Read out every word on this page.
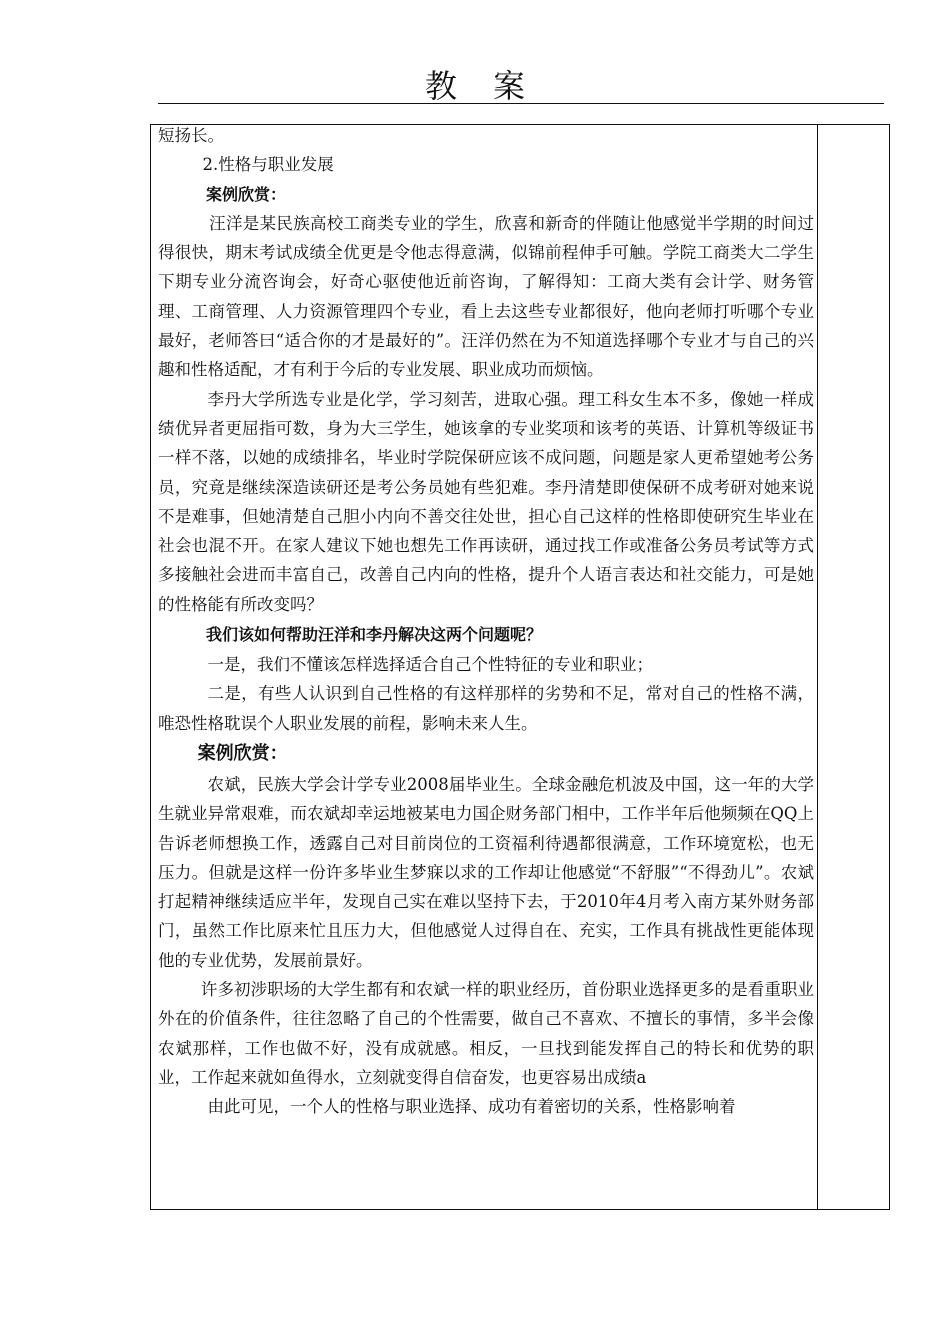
教案

短扬长。

2.性格与职业发展

案例欣赏：

汪洋是某民族高校工商类专业的学生，欣喜和新奇的伴随让他感觉半学期的时间过得很快，期末考试成绩全优更是令他志得意满，似锦前程伸手可触。学院工商类大二学生下期专业分流咨询会，好奇心驱使他近前咨询，了解得知：工商大类有会计学、财务管理、工商管理、人力资源管理四个专业，看上去这些专业都很好，他向老师打听哪个专业最好，老师答曰“适合你的才是最好的”。汪洋仍然在为不知道选择哪个专业才与自己的兴趣和性格适配，才有利于今后的专业发展、职业成功而烦恼。

李丹大学所选专业是化学，学习刻苦，进取心强。理工科女生本不多，像她一样成绩优异者更屈指可数，身为大三学生，她该拿的专业奖项和该考的英语、计算机等级证书一样不落，以她的成绩排名，毕业时学院保研应该不成问题，问题是家人更希望她考公务员，究竟是继续深造读研还是考公务员她有些犯难。李丹清楚即使保研不成考研对她来说不是难事，但她清楚自己胆小内向不善交往处世，担心自己这样的性格即使研究生毕业在社会也混不开。在家人建议下她也想先工作再读研，通过找工作或准备公务员考试等方式多接触社会进而丰富自己，改善自己内向的性格，提升个人语言表达和社交能力，可是她的性格能有所改变吗？

我们该如何帮助汪洋和李丹解决这两个问题呢？

一是，我们不懂该怎样选择适合自己个性特征的专业和职业；

二是，有些人认识到自己性格的有这样那样的劣势和不足，常对自己的性格不满，唯恐性格耽误个人职业发展的前程，影响未来人生。

案例欣赏：

农斌，民族大学会计学专业2008届毕业生。全球金融危机波及中国，这一年的大学生就业异常艰难，而农斌却幸运地被某电力国企财务部门相中，工作半年后他频频在QQ上告诉老师想换工作，透露自己对目前岗位的工资福利待遇都很满意，工作环境宽松，也无压力。但就是这样一份许多毕业生梦寐以求的工作却让他感觉“不舒服”“不得劲儿”。农斌打起精神继续适应半年，发现自己实在难以坚持下去，于2010年4月考入南方某外财务部门，虽然工作比原来忙且压力大，但他感觉人过得自在、充实，工作具有挑战性更能体现他的专业优势，发展前景好。

许多初涉职场的大学生都有和农斌一样的职业经历，首份职业选择更多的是看重职业外在的价值条件，往往忽略了自己的个性需要，做自己不喜欢、不擅长的事情，多半会像农斌那样，工作也做不好，没有成就感。相反，一旦找到能发挥自己的特长和优势的职业，工作起来就如鱼得水，立刻就变得自信奋发，也更容易出成绩a

由此可见，一个人的性格与职业选择、成功有着密切的关系，性格影响着
